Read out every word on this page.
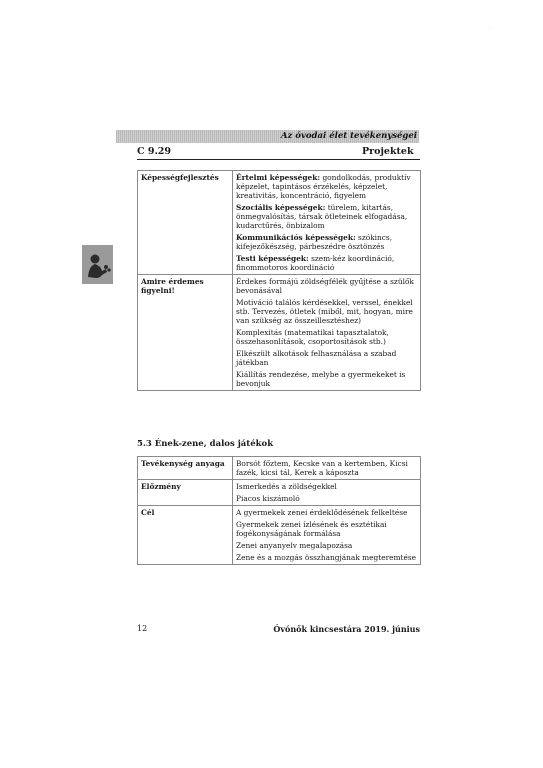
·
Az óvodai élet tevékenységei
C 9.29	Projektek
Képességfejlesztés	Értelmi képességek: gondolkodás, produktív képzelet, tapintásos érzékelés, képzelet, kreativitás, koncentráció, figyelem

Szociális képességek: türelem, kitartás, önmegvalósítás, társak ötleteinek elfogadása, kudarctűrés, önbizalom

Kommunikációs képességek: szókincs, kifejezőkészség, párbeszédre ösztönzés

Testi képességek: szem-kéz koordináció, finommotoros koordináció

Amire érdemes figyelni!	Érdekes formájú zöldségfélék gyűjtése a szülők bevonásával

Motiváció találós kérdésekkel, verssel, énekkel stb. Tervezés, ötletek (miből, mit, hogyan, mire van szükség az összeillesztéshez)

Komplexitás (matematikai tapasztalatok, összehasonlítások, csoportosítások stb.)

Elkészült alkotások felhasználása a szabad játékban

Kiállítás rendezése, melybe a gyermekeket is bevonjuk

5.3 Ének-zene, dalos játékok
Tevékenység anyaga	Borsót főztem, Kecske van a kertemben, Kicsi fazék, kicsi tál, Kerek a káposzta

Előzmény	Ismerkedés a zöldségekkel

Piacos kiszámoló

Cél	A gyermekek zenei érdeklődésének felkeltése

Gyermekek zenei ízlésének és esztétikai fogékonyságának formálása

Zenei anyanyelv megalapozása

Zene és a mozgás összhangjának megteremtése

12	Óvónők kincsestára 2019. június
